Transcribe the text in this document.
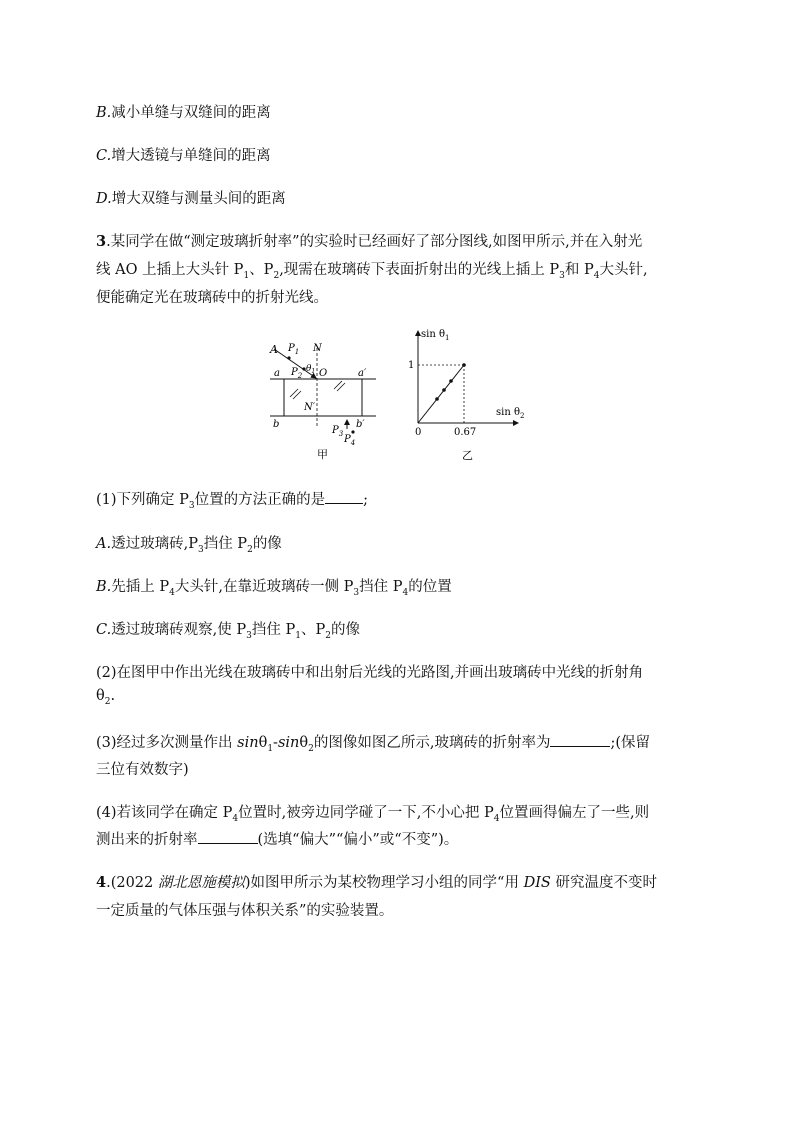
B.减小单缝与双缝间的距离
C.增大透镜与单缝间的距离
D.增大双缝与测量头间的距离
3.某同学在做“测定玻璃折射率”的实验时已经画好了部分图线,如图甲所示,并在入射光
线 AO 上插上大头针 $P_1$、$P_2$,现需在玻璃砖下表面折射出的光线上插上 $P_3$和 $P_4$大头针,
便能确定光在玻璃砖中的折射光线。
A $P_1$ N
$P_2$
$\theta_1$ O
a	a′
N′
b	b′
$P_3$ $P_4$
甲
$\sin \theta_1$
$\sin \theta_2$
1
0	0.67
乙
(1)下列确定 $P_3$位置的方法正确的是	;
A.透过玻璃砖$,P_3$挡住 $P_2$的像
B.先插上 $P_4$大头针,在靠近玻璃砖一侧 $P_3$挡住 $P_4$的位置
C.透过玻璃砖观察,使 $P_3$挡住 $P_1$、$P_2$的像
(2)在图甲中作出光线在玻璃砖中和出射后光线的光路图,并画出玻璃砖中光线的折射角
$\theta_2$.
(3)经过多次测量作出 sinθ$_1$-sinθ$_2$的图像如图乙所示,玻璃砖的折射率为	;(保留
三位有效数字)
(4)若该同学在确定 $P_4$位置时,被旁边同学碰了一下,不小心把 $P_4$位置画得偏左了一些,则
测出来的折射率	(选填“偏大”“偏小”或“不变”)。
4.(2022 湖北恩施模拟)如图甲所示为某校物理学习小组的同学“用 DIS 研究温度不变时
一定质量的气体压强与体积关系”的实验装置。
